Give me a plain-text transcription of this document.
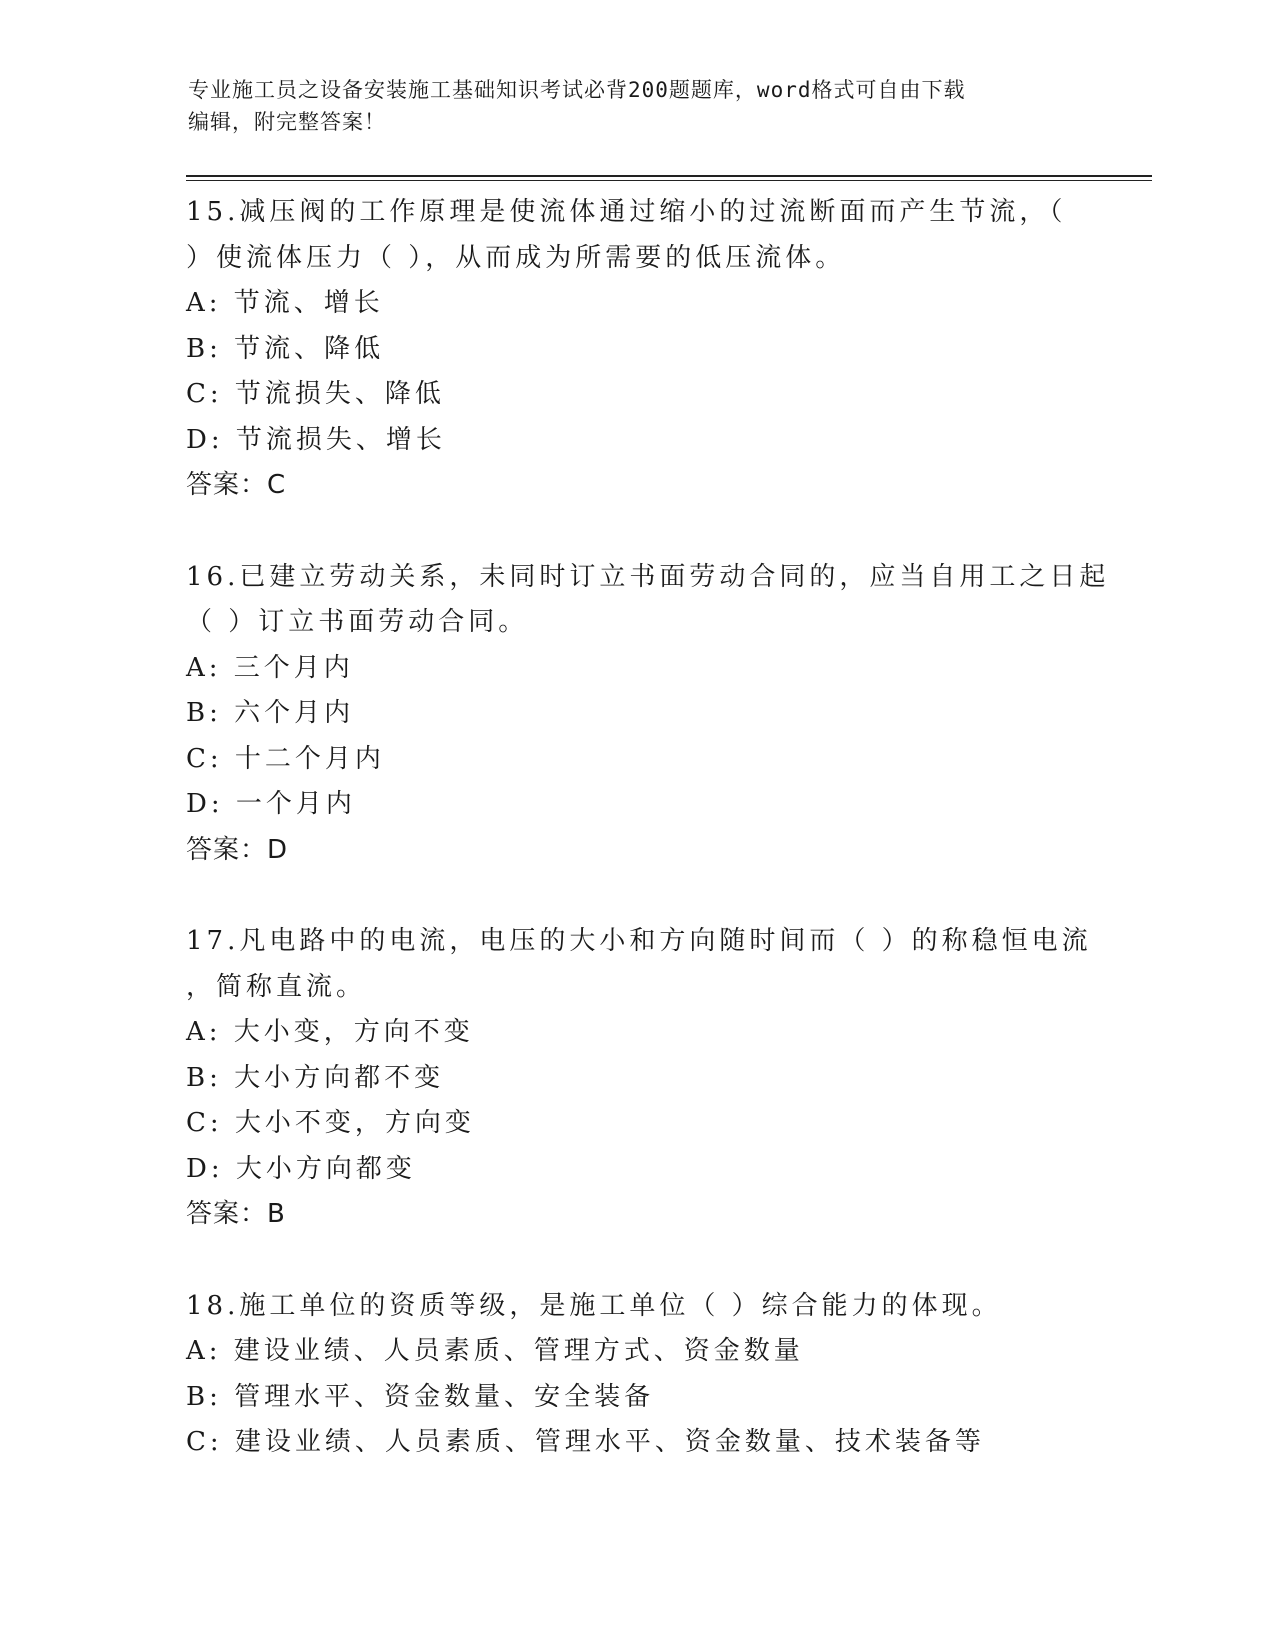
专业施工员之设备安装施工基础知识考试必背200题题库，word格式可自由下载
编辑，附完整答案！
15.减压阀的工作原理是使流体通过缩小的过流断面而产生节流，（
）使流体压力（ ），从而成为所需要的低压流体。
A: 节流、增长
B: 节流、降低
C: 节流损失、降低
D: 节流损失、增长
答案：C
16.已建立劳动关系，未同时订立书面劳动合同的，应当自用工之日起
（ ）订立书面劳动合同。
A: 三个月内
B: 六个月内
C: 十二个月内
D: 一个月内
答案：D
17.凡电路中的电流，电压的大小和方向随时间而（ ）的称稳恒电流
，简称直流。
A: 大小变，方向不变
B: 大小方向都不变
C: 大小不变，方向变
D: 大小方向都变
答案：B
18.施工单位的资质等级，是施工单位（ ）综合能力的体现。
A: 建设业绩、人员素质、管理方式、资金数量
B: 管理水平、资金数量、安全装备
C: 建设业绩、人员素质、管理水平、资金数量、技术装备等
